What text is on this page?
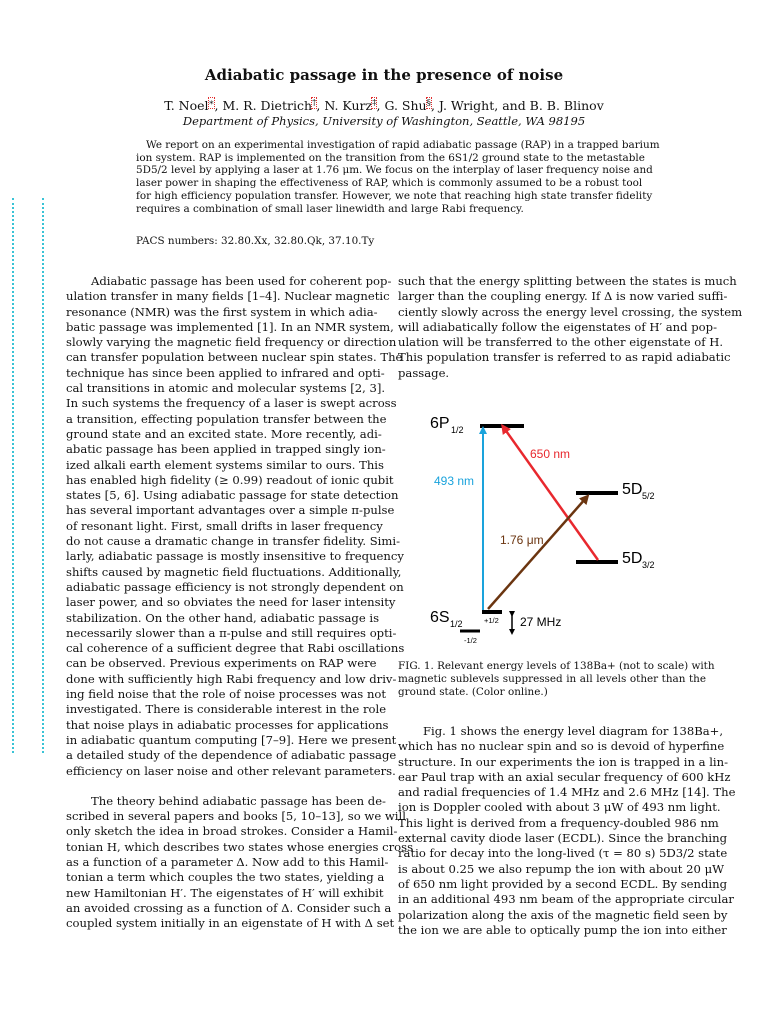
Adiabatic passage in the presence of noise
T. Noel∗, M. R. Dietrich†, N. Kurz‡, G. Shu§, J. Wright, and B. B. Blinov
Department of Physics, University of Washington, Seattle, WA 98195
We report on an experimental investigation of rapid adiabatic passage (RAP) in a trapped barium
ion system. RAP is implemented on the transition from the 6S1/2 ground state to the metastable
5D5/2 level by applying a laser at 1.76 μm. We focus on the interplay of laser frequency noise and
laser power in shaping the effectiveness of RAP, which is commonly assumed to be a robust tool
for high efficiency population transfer. However, we note that reaching high state transfer fidelity
requires a combination of small laser linewidth and large Rabi frequency.
PACS numbers: 32.80.Xx, 32.80.Qk, 37.10.Ty
Adiabatic passage has been used for coherent pop-
ulation transfer in many fields [1–4]. Nuclear magnetic
resonance (NMR) was the first system in which adia-
batic passage was implemented [1]. In an NMR system,
slowly varying the magnetic field frequency or direction
can transfer population between nuclear spin states. The
technique has since been applied to infrared and opti-
cal transitions in atomic and molecular systems [2, 3].
In such systems the frequency of a laser is swept across
a transition, effecting population transfer between the
ground state and an excited state. More recently, adi-
abatic passage has been applied in trapped singly ion-
ized alkali earth element systems similar to ours. This
has enabled high fidelity (≥ 0.99) readout of ionic qubit
states [5, 6]. Using adiabatic passage for state detection
has several important advantages over a simple π-pulse
of resonant light. First, small drifts in laser frequency
do not cause a dramatic change in transfer fidelity. Simi-
larly, adiabatic passage is mostly insensitive to frequency
shifts caused by magnetic field fluctuations. Additionally,
adiabatic passage efficiency is not strongly dependent on
laser power, and so obviates the need for laser intensity
stabilization. On the other hand, adiabatic passage is
necessarily slower than a π-pulse and still requires opti-
cal coherence of a sufficient degree that Rabi oscillations
can be observed. Previous experiments on RAP were
done with sufficiently high Rabi frequency and low driv-
ing field noise that the role of noise processes was not
investigated. There is considerable interest in the role
that noise plays in adiabatic processes for applications
in adiabatic quantum computing [7–9]. Here we present
a detailed study of the dependence of adiabatic passage
efficiency on laser noise and other relevant parameters.
The theory behind adiabatic passage has been de-
scribed in several papers and books [5, 10–13], so we will
only sketch the idea in broad strokes. Consider a Hamil-
tonian H, which describes two states whose energies cross
as a function of a parameter Δ. Now add to this Hamil-
tonian a term which couples the two states, yielding a
new Hamiltonian H′. The eigenstates of H′ will exhibit
an avoided crossing as a function of Δ. Consider such a
coupled system initially in an eigenstate of H with Δ set
such that the energy splitting between the states is much
larger than the coupling energy. If Δ is now varied suffi-
ciently slowly across the energy level crossing, the system
will adiabatically follow the eigenstates of H′ and pop-
ulation will be transferred to the other eigenstate of H.
This population transfer is referred to as rapid adiabatic
passage.
6P 1/2
5D 5/2
5D 3/2
6S 1/2
493 nm
650 nm
1.76 μm
+1/2
-1/2
27 MHz
FIG. 1. Relevant energy levels of 138Ba+ (not to scale) with
magnetic sublevels suppressed in all levels other than the
ground state. (Color online.)
Fig. 1 shows the energy level diagram for 138Ba+,
which has no nuclear spin and so is devoid of hyperfine
structure. In our experiments the ion is trapped in a lin-
ear Paul trap with an axial secular frequency of 600 kHz
and radial frequencies of 1.4 MHz and 2.6 MHz [14]. The
ion is Doppler cooled with about 3 μW of 493 nm light.
This light is derived from a frequency-doubled 986 nm
external cavity diode laser (ECDL). Since the branching
ratio for decay into the long-lived (τ = 80 s) 5D3/2 state
is about 0.25 we also repump the ion with about 20 μW
of 650 nm light provided by a second ECDL. By sending
in an additional 493 nm beam of the appropriate circular
polarization along the axis of the magnetic field seen by
the ion we are able to optically pump the ion into either
